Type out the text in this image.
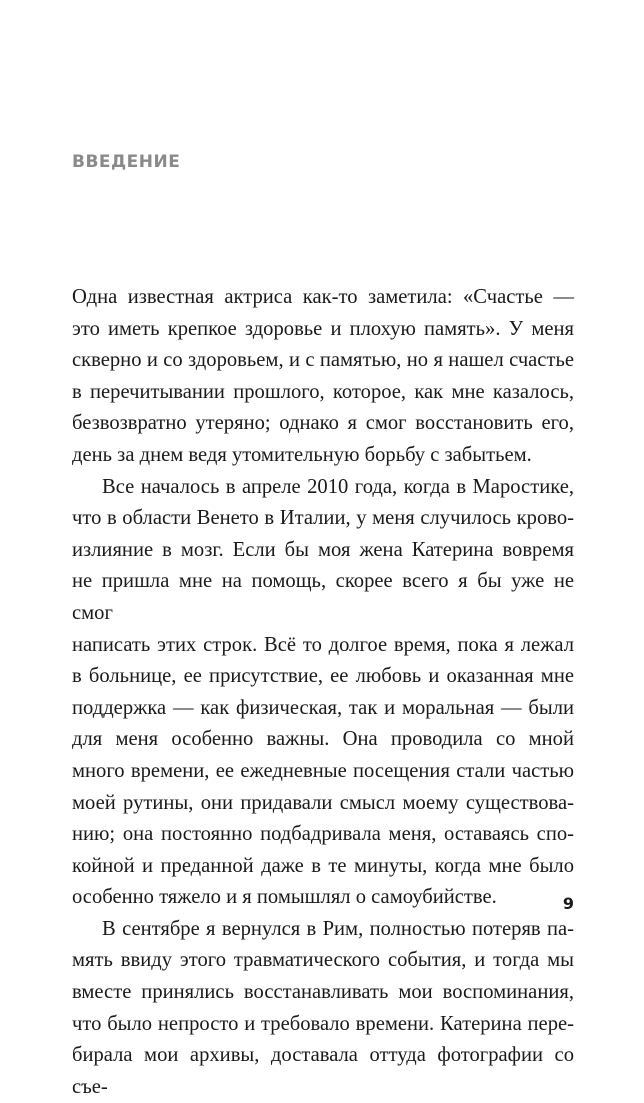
ВВЕДЕНИЕ

Одна известная актриса как-то заметила: «Счастье —

это иметь крепкое здоровье и плохую память». У меня

скверно и со здоровьем, и с памятью, но я нашел счастье

в перечитывании прошлого, которое, как мне казалось,

безвозвратно утеряно; однако я смог восстановить его,

день за днем ведя утомительную борьбу с забытьем.

Все началось в апреле 2010 года, когда в Маростике,

что в области Венето в Италии, у меня случилось крово-

излияние в мозг. Если бы моя жена Катерина вовремя

не пришла мне на помощь, скорее всего я бы уже не смог

написать этих строк. Всё то долгое время, пока я лежал

в больнице, ее присутствие, ее любовь и оказанная мне

поддержка — как физическая, так и моральная — были

для меня особенно важны. Она проводила со мной

много времени, ее ежедневные посещения стали частью

моей рутины, они придавали смысл моему существова-

нию; она постоянно подбадривала меня, оставаясь спо-

койной и преданной даже в те минуты, когда мне было

особенно тяжело и я помышлял о самоубийстве.

В сентябре я вернулся в Рим, полностью потеряв па-

мять ввиду этого травматического события, и тогда мы

вместе принялись восстанавливать мои воспоминания,

что было непросто и требовало времени. Катерина пере-

бирала мои архивы, доставала оттуда фотографии со съе-

9
